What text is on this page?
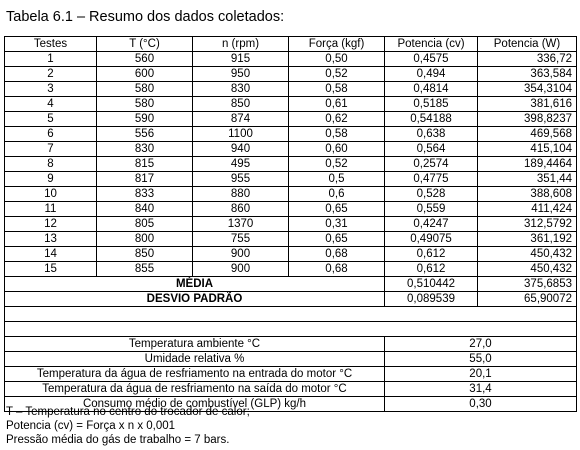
Tabela 6.1 – Resumo dos dados coletados:
Testes	T (°C)	n (rpm)	Força (kgf)	Potencia (cv)	Potencia (W)
1	560	915	0,50	0,4575	336,72
2	600	950	0,52	0,494	363,584
3	580	830	0,58	0,4814	354,3104
4	580	850	0,61	0,5185	381,616
5	590	874	0,62	0,54188	398,8237
6	556	1100	0,58	0,638	469,568
7	830	940	0,60	0,564	415,104
8	815	495	0,52	0,2574	189,4464
9	817	955	0,5	0,4775	351,44
10	833	880	0,6	0,528	388,608
11	840	860	0,65	0,559	411,424
12	805	1370	0,31	0,4247	312,5792
13	800	755	0,65	0,49075	361,192
14	850	900	0,68	0,612	450,432
15	855	900	0,68	0,612	450,432
MÉDIA				0,510442	375,6853
DESVIO PADRÃO				0,089539	65,90072

Temperatura ambiente °C				27,0	
Umidade relativa %				55,0	
Temperatura da água de resfriamento na entrada do motor °C				20,1	
Temperatura da água de resfriamento na saída do motor °C				31,4	
Consumo médio de combustível (GLP) kg/h				0,30	
T – Temperatura no centro do trocador de calor;
Potencia (cv) = Força x n x 0,001
Pressão média do gás de trabalho = 7 bars.
